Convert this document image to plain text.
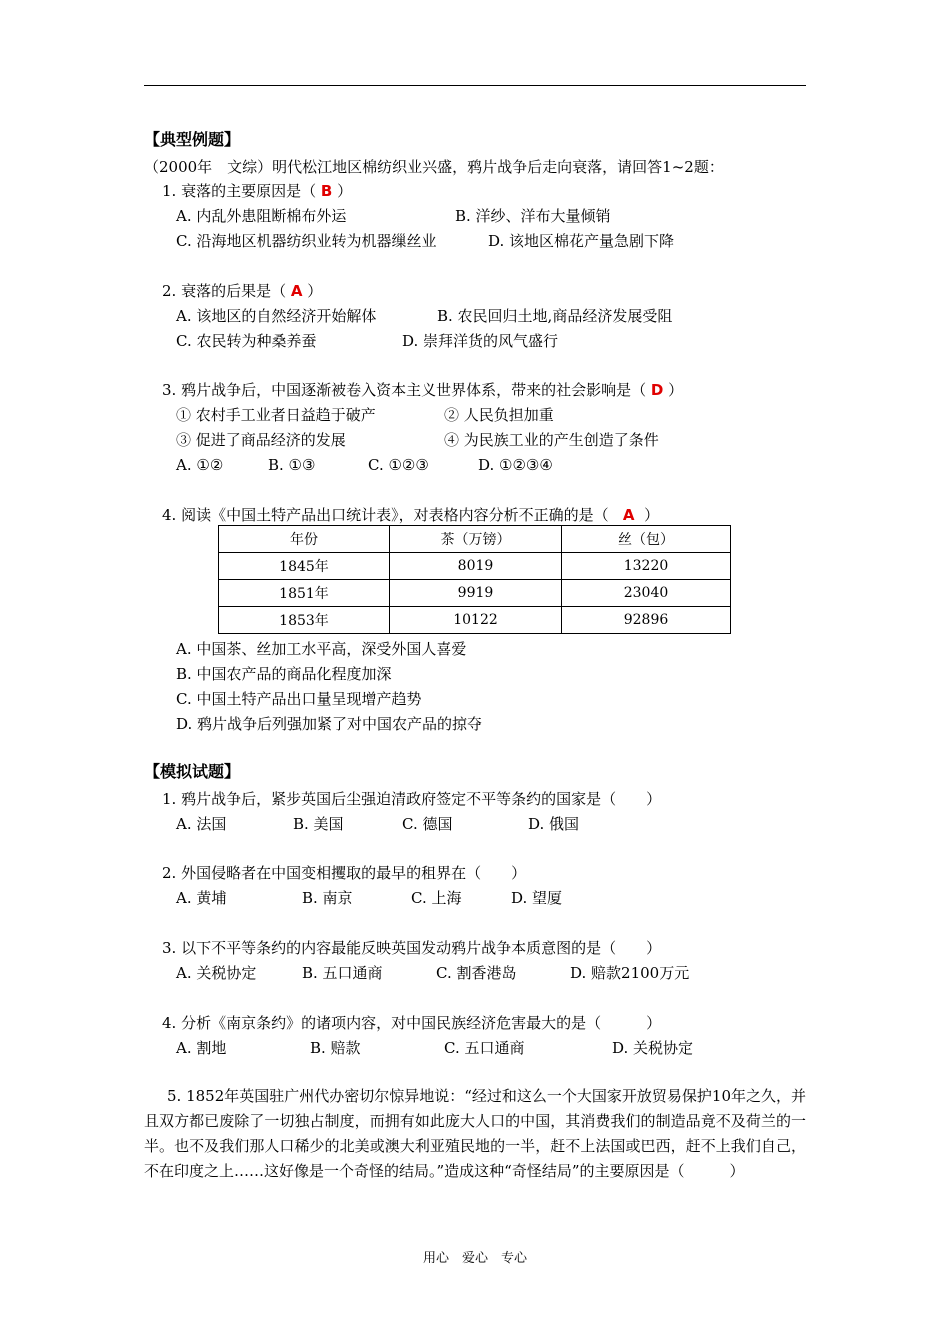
【典型例题】
（2000年　文综）明代松江地区棉纺织业兴盛，鸦片战争后走向衰落，请回答1~2题：
1. 衰落的主要原因是（ B ）
A. 内乱外患阻断棉布外运	B. 洋纱、洋布大量倾销
C. 沿海地区机器纺织业转为机器缫丝业	D. 该地区棉花产量急剧下降
2. 衰落的后果是（ A ）
A. 该地区的自然经济开始解体	B. 农民回归土地,商品经济发展受阻
C. 农民转为种桑养蚕	D. 崇拜洋货的风气盛行
3. 鸦片战争后，中国逐渐被卷入资本主义世界体系，带来的社会影响是（ D ）
① 农村手工业者日益趋于破产	② 人民负担加重
③ 促进了商品经济的发展	④ 为民族工业的产生创造了条件
A. ①②	B. ①③	C. ①②③	D. ①②③④
4. 阅读《中国土特产品出口统计表》，对表格内容分析不正确的是（ A ）
年份	茶（万镑）	丝（包）
1845年	8019	13220
1851年	9919	23040
1853年	10122	92896
A. 中国茶、丝加工水平高，深受外国人喜爱
B. 中国农产品的商品化程度加深
C. 中国土特产品出口量呈现增产趋势
D. 鸦片战争后列强加紧了对中国农产品的掠夺
【模拟试题】
1. 鸦片战争后，紧步英国后尘强迫清政府签定不平等条约的国家是（　　）
A. 法国	B. 美国	C. 德国	D. 俄国
2. 外国侵略者在中国变相攫取的最早的租界在（　　）
A. 黄埔	B. 南京	C. 上海	D. 望厦
3. 以下不平等条约的内容最能反映英国发动鸦片战争本质意图的是（　　）
A. 关税协定	B. 五口通商	C. 割香港岛	D. 赔款2100万元
4. 分析《南京条约》的诸项内容，对中国民族经济危害最大的是（　　　）
A. 割地	B. 赔款	C. 五口通商	D. 关税协定
5. 1852年英国驻广州代办密切尔惊异地说：“经过和这么一个大国家开放贸易保护10年之久，并且双方都已废除了一切独占制度，而拥有如此庞大人口的中国，其消费我们的制造品竟不及荷兰的一半。也不及我们那人口稀少的北美或澳大利亚殖民地的一半，赶不上法国或巴西，赶不上我们自己，不在印度之上……这好像是一个奇怪的结局。”造成这种“奇怪结局”的主要原因是（　　　）
用心　爱心　专心
